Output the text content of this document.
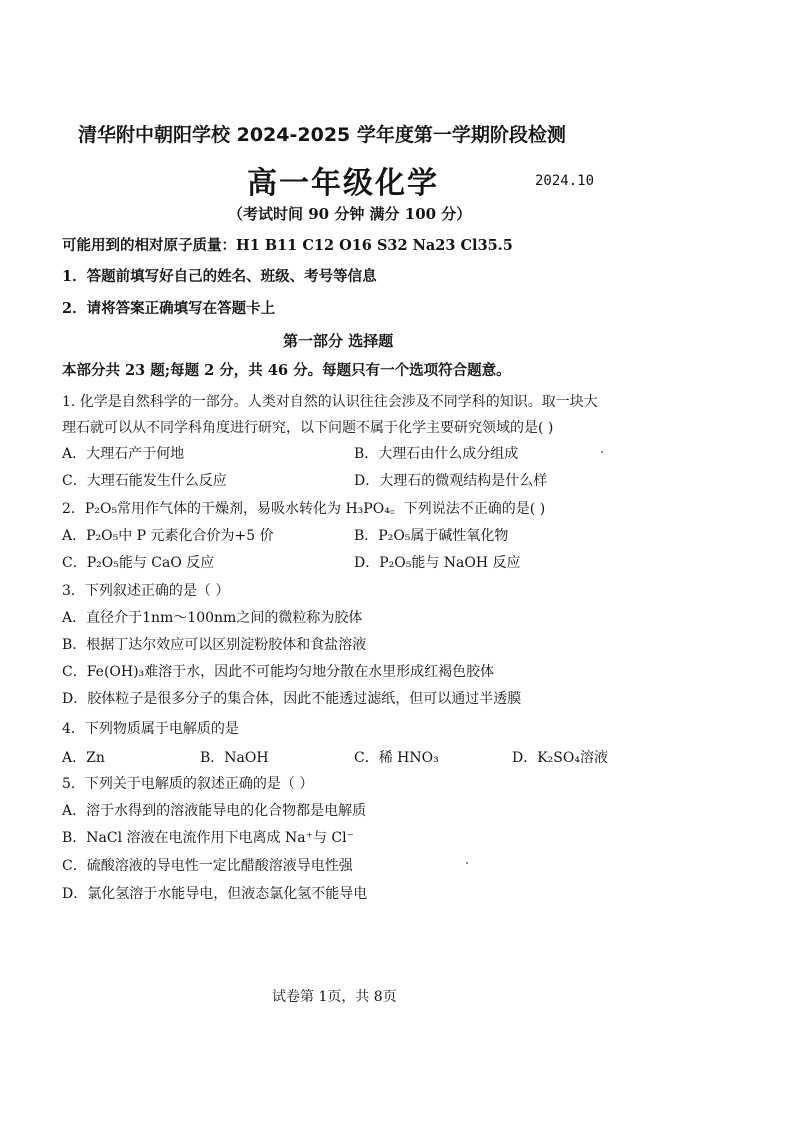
清华附中朝阳学校 2024-2025 学年度第一学期阶段检测
高一年级化学	2024.10
（考试时间 90 分钟 满分 100 分）
可能用到的相对原子质量：H1 B11 C12 O16 S32 Na23 Cl35.5
1．答题前填写好自己的姓名、班级、考号等信息
2．请将答案正确填写在答题卡上
第一部分 选择题
本部分共 23 题;每题 2 分，共 46 分。每题只有一个选项符合题意。
1. 化学是自然科学的一部分。人类对自然的认识往往会涉及不同学科的知识。取一块大
理石就可以从不同学科角度进行研究，以下问题不属于化学主要研究领域的是( )
A．大理石产于何地	B．大理石由什么成分组成
C．大理石能发生什么反应	D．大理石的微观结构是什么样
2．P₂O₅常用作气体的干燥剂，易吸水转化为 H₃PO₄。下列说法不正确的是( )
A．P₂O₅中 P 元素化合价为+5 价	B．P₂O₅属于碱性氧化物
C．P₂O₅能与 CaO 反应	D．P₂O₅能与 NaOH 反应
3．下列叙述正确的是（ ）
A．直径介于1nm～100nm之间的微粒称为胶体
B．根据丁达尔效应可以区别淀粉胶体和食盐溶液
C．Fe(OH)₃难溶于水，因此不可能均匀地分散在水里形成红褐色胶体
D．胶体粒子是很多分子的集合体，因此不能透过滤纸，但可以通过半透膜
4．下列物质属于电解质的是
A．Zn	B．NaOH	C．稀 HNO₃	D．K₂SO₄溶液
5．下列关于电解质的叙述正确的是（ ）
A．溶于水得到的溶液能导电的化合物都是电解质
B．NaCl 溶液在电流作用下电离成 Na⁺与 Cl⁻
C．硫酸溶液的导电性一定比醋酸溶液导电性强
D．氯化氢溶于水能导电，但液态氯化氢不能导电
试卷第 1页，共 8页
